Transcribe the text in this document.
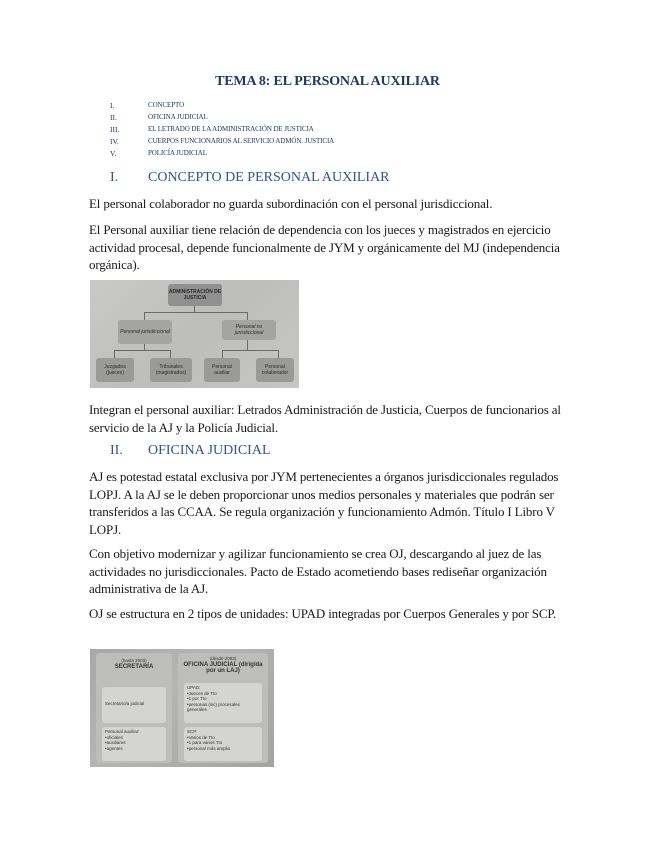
TEMA 8: EL PERSONAL AUXILIAR
I.	CONCEPTO
II.	OFICINA JUDICIAL
III.	EL LETRADO DE LA ADMINISTRACIÓN DE JUSTICIA
IV.	CUERPOS FUNCIONARIOS AL SERVICIO ADMÓN. JUSTICIA
V.	POLICÍA JUDICIAL
I.	CONCEPTO DE PERSONAL AUXILIAR

El personal colaborador no guarda subordinación con el personal jurisdiccional.

El Personal auxiliar tiene relación de dependencia con los jueces y magistrados en ejercicio actividad procesal, depende funcionalmente de JYM y orgánicamente del MJ (independencia orgánica).

ADMINISTRACIÓN DE JUSTICIA
Personal jurisdiccional
Personal no jurisdiccional
Juzgados
(jueces)
Tribunales
(magistrados)
Personal
auxiliar
Personal
colaborador

Integran el personal auxiliar: Letrados Administración de Justicia, Cuerpos de funcionarios al servicio de la AJ y la Policía Judicial.

II.	OFICINA JUDICIAL

AJ es potestad estatal exclusiva por JYM pertenecientes a órganos jurisdiccionales regulados LOPJ. A la AJ se le deben proporcionar unos medios personales y materiales que podrán ser transferidos a las CCAA. Se regula organización y funcionamiento Admón. Título I Libro V LOPJ.

Con objetivo modernizar y agilizar funcionamiento se crea OJ, descargando al juez de las actividades no jurisdiccionales. Pacto de Estado acometiendo bases rediseñar organización administrativa de la AJ.

OJ se estructura en 2 tipos de unidades: UPAD integradas por Cuerpos Generales y por SCP.

(hasta 2003)
SECRETARÍA
(desde 2003)
OFICINA JUDICIAL (dirigida por un LAJ)
Secretario/a judicial
Personal auxiliar:
•oficiales
•auxiliares
•agentes
UPAD:
•Jueces de Tto
•1 por Tto
•personas (sic) procesales
generales
SCP:
•Varios de Tto
•1 para varios Tto
•personal más amplio
